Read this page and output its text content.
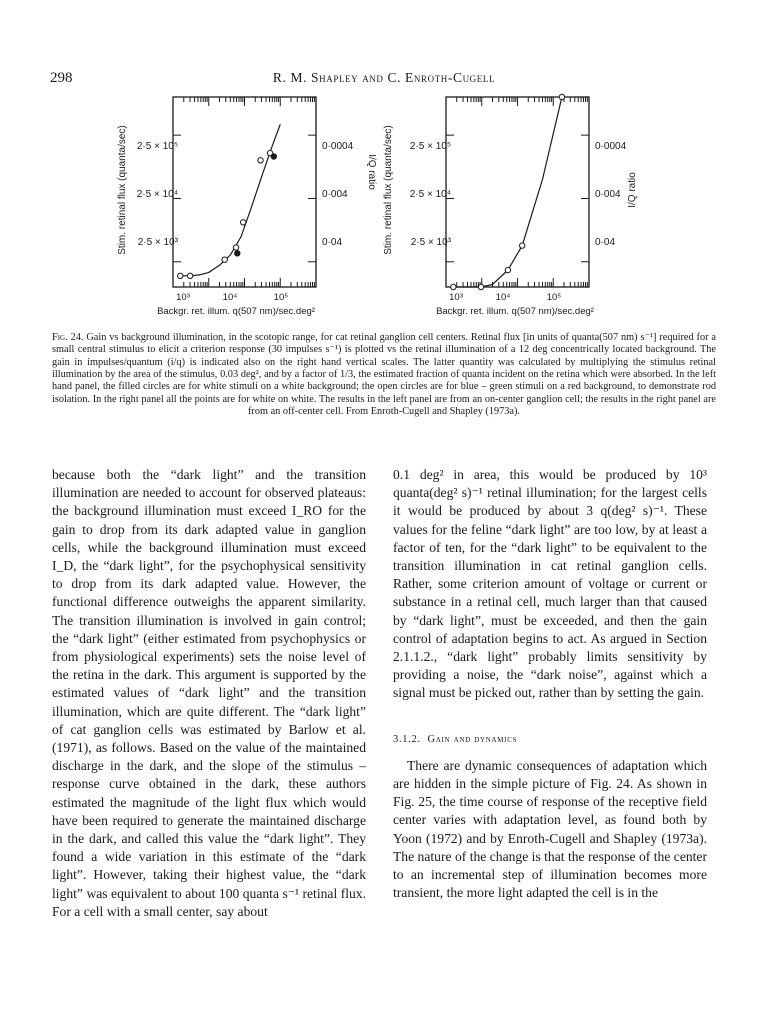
298	R. M. Shapley and C. Enroth-Cugell
2·5 × 10³
2·5 × 10⁴
2·5 × 10⁵
0·04
0·004
0·0004
10³	10⁴	10⁵
Backgr. ret. illum. q(507 nm)/sec.deg²
Stim. retinal flux (quanta/sec)	I/Q ratio
2·5 × 10³
2·5 × 10⁴
2·5 × 10⁵
0·04
0·004
0·0004
10³	10⁴	10⁵
Backgr. ret. illum. q(507 nm)/sec.deg²
Stim. retinal flux (quanta/sec)	I/Q ratio
Fig. 24. Gain vs background illumination, in the scotopic range, for cat retinal ganglion cell centers. Retinal flux [in units of quanta(507 nm) s⁻¹] required for a small central stimulus to elicit a criterion response (30 impulses s⁻¹) is plotted vs the retinal illumination of a 12 deg concentrically located background. The gain in impulses/quantum (i/q) is indicated also on the right hand vertical scales. The latter quantity was calculated by multiplying the stimulus retinal illumination by the area of the stimulus, 0.03 deg², and by a factor of 1/3, the estimated fraction of quanta incident on the retina which were absorbed. In the left hand panel, the filled circles are for white stimuli on a white background; the open circles are for blue – green stimuli on a red background, to demonstrate rod isolation. In the right panel all the points are for white on white. The results in the left panel are from an on-center ganglion cell; the results in the right panel are from an off-center cell. From Enroth-Cugell and Shapley (1973a).

because both the “dark light” and the transition illumination are needed to account for observed plateaus: the background illumination must exceed I_RO for the gain to drop from its dark adapted value in ganglion cells, while the background illumination must exceed I_D, the “dark light”, for the psychophysical sensitivity to drop from its dark adapted value. However, the functional difference outweighs the apparent similarity. The transition illumination is involved in gain control; the “dark light” (either estimated from psychophysics or from physiological experiments) sets the noise level of the retina in the dark. This argument is supported by the estimated values of “dark light” and the transition illumination, which are quite different. The “dark light” of cat ganglion cells was estimated by Barlow et al. (1971), as follows. Based on the value of the maintained discharge in the dark, and the slope of the stimulus – response curve obtained in the dark, these authors estimated the magnitude of the light flux which would have been required to generate the maintained discharge in the dark, and called this value the “dark light”. They found a wide variation in this estimate of the “dark light”. However, taking their highest value, the “dark light” was equivalent to about 100 quanta s⁻¹ retinal flux. For a cell with a small center, say about

0.1 deg² in area, this would be produced by 10³ quanta(deg² s)⁻¹ retinal illumination; for the largest cells it would be produced by about 3 q(deg² s)⁻¹. These values for the feline “dark light” are too low, by at least a factor of ten, for the “dark light” to be equivalent to the transition illumination in cat retinal ganglion cells. Rather, some criterion amount of voltage or current or substance in a retinal cell, much larger than that caused by “dark light”, must be exceeded, and then the gain control of adaptation begins to act. As argued in Section 2.1.1.2., “dark light” probably limits sensitivity by providing a noise, the “dark noise”, against which a signal must be picked out, rather than by setting the gain.

3.1.2. Gain and dynamics

There are dynamic consequences of adaptation which are hidden in the simple picture of Fig. 24. As shown in Fig. 25, the time course of response of the receptive field center varies with adaptation level, as found both by Yoon (1972) and by Enroth-Cugell and Shapley (1973a). The nature of the change is that the response of the center to an incremental step of illumination becomes more transient, the more light adapted the cell is in the
